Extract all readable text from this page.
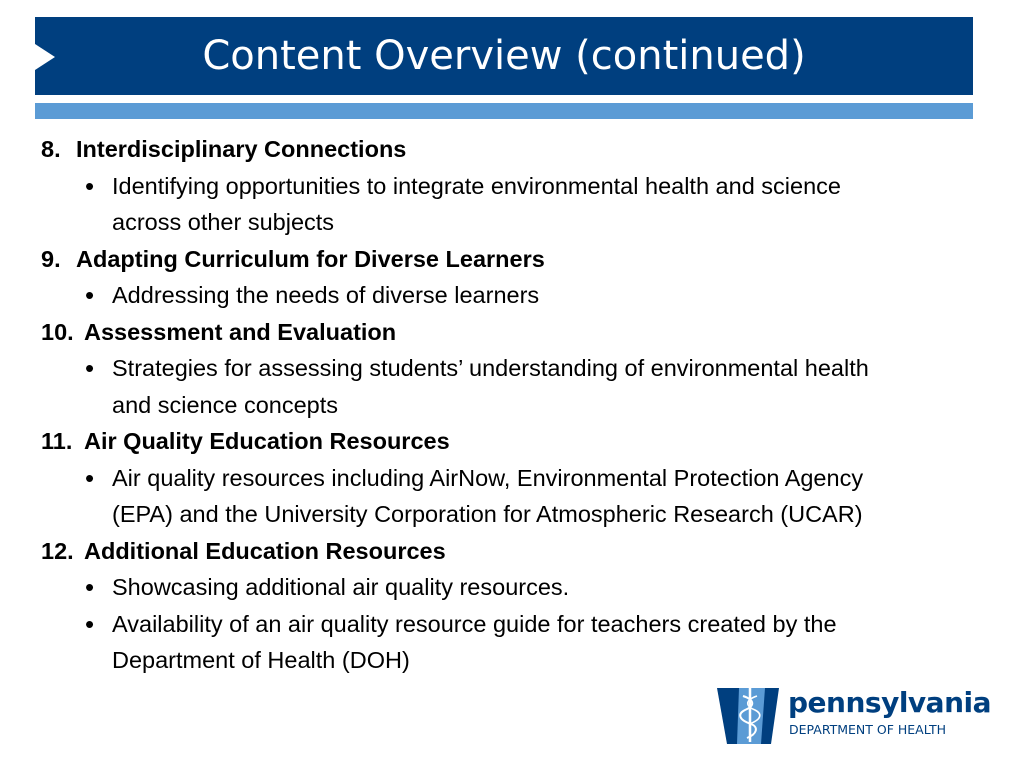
Content Overview (continued)
8. Interdisciplinary Connections
• Identifying opportunities to integrate environmental health and science
across other subjects
9. Adapting Curriculum for Diverse Learners
• Addressing the needs of diverse learners
10. Assessment and Evaluation
• Strategies for assessing students’ understanding of environmental health
and science concepts
11. Air Quality Education Resources
• Air quality resources including AirNow, Environmental Protection Agency
(EPA) and the University Corporation for Atmospheric Research (UCAR)
12. Additional Education Resources
• Showcasing additional air quality resources.
• Availability of an air quality resource guide for teachers created by the
Department of Health (DOH)
pennsylvania
DEPARTMENT OF HEALTH
